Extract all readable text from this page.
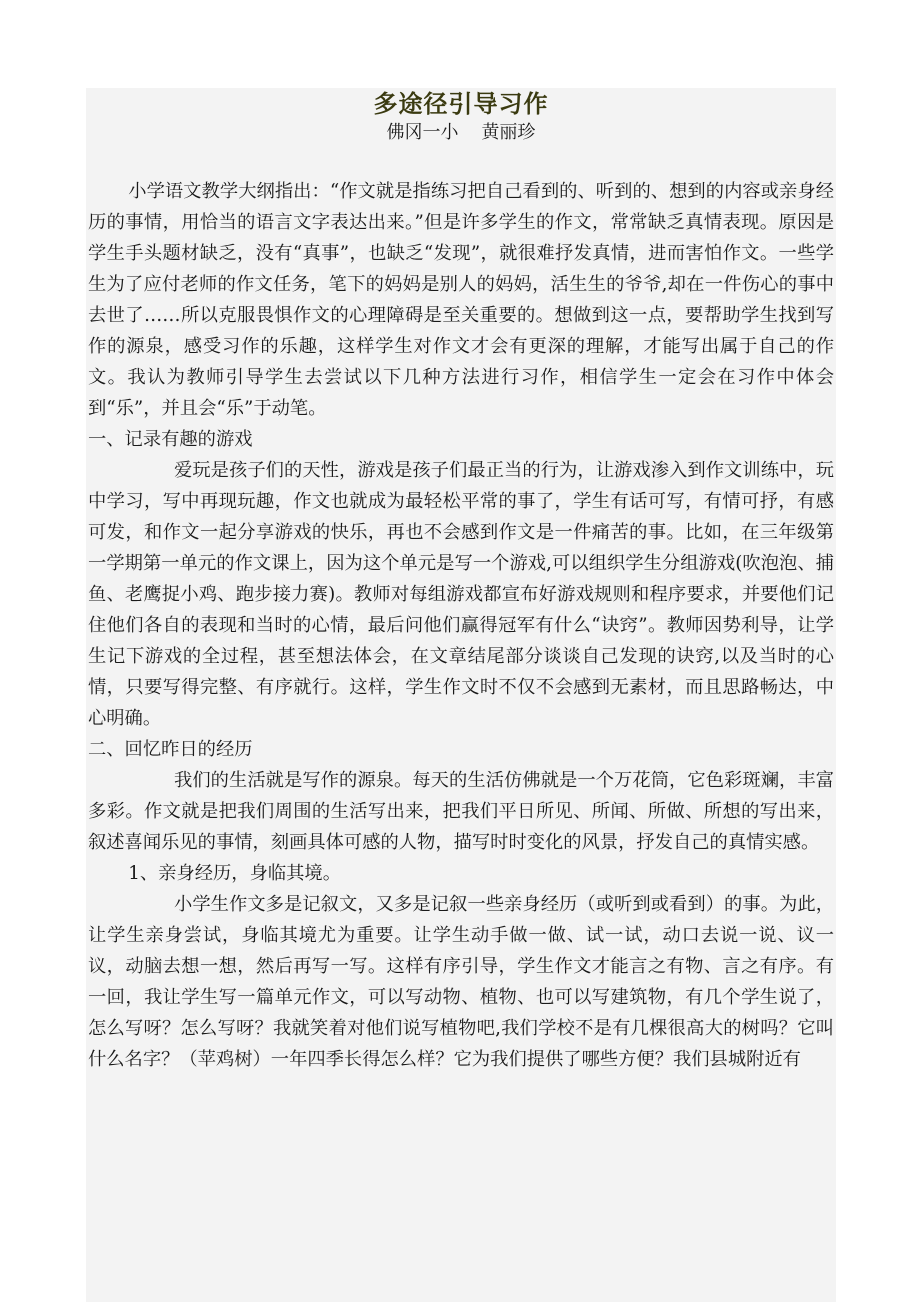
多途径引导习作
佛冈一小    黄丽珍

小学语文教学大纲指出：“作文就是指练习把自己看到的、听到的、想到的内容或亲身经历的事情，用恰当的语言文字表达出来。”但是许多学生的作文，常常缺乏真情表现。原因是学生手头题材缺乏，没有“真事”，也缺乏“发现”，就很难抒发真情，进而害怕作文。一些学生为了应付老师的作文任务，笔下的妈妈是别人的妈妈，活生生的爷爷,却在一件伤心的事中去世了……所以克服畏惧作文的心理障碍是至关重要的。想做到这一点，要帮助学生找到写作的源泉，感受习作的乐趣，这样学生对作文才会有更深的理解，才能写出属于自己的作文。我认为教师引导学生去尝试以下几种方法进行习作，相信学生一定会在习作中体会到“乐”，并且会“乐”于动笔。

一、记录有趣的游戏

爱玩是孩子们的天性，游戏是孩子们最正当的行为，让游戏渗入到作文训练中，玩中学习，写中再现玩趣，作文也就成为最轻松平常的事了，学生有话可写，有情可抒，有感可发，和作文一起分享游戏的快乐，再也不会感到作文是一件痛苦的事。比如，在三年级第一学期第一单元的作文课上，因为这个单元是写一个游戏,可以组织学生分组游戏(吹泡泡、捕鱼、老鹰捉小鸡、跑步接力赛)。教师对每组游戏都宣布好游戏规则和程序要求，并要他们记住他们各自的表现和当时的心情，最后问他们赢得冠军有什么“诀窍”。教师因势利导，让学生记下游戏的全过程，甚至想法体会，在文章结尾部分谈谈自己发现的诀窍,以及当时的心情，只要写得完整、有序就行。这样，学生作文时不仅不会感到无素材，而且思路畅达，中心明确。

二、回忆昨日的经历

我们的生活就是写作的源泉。每天的生活仿佛就是一个万花筒，它色彩斑斓，丰富多彩。作文就是把我们周围的生活写出来，把我们平日所见、所闻、所做、所想的写出来，叙述喜闻乐见的事情，刻画具体可感的人物，描写时时变化的风景，抒发自己的真情实感。

1、亲身经历，身临其境。

小学生作文多是记叙文，又多是记叙一些亲身经历（或听到或看到）的事。为此，让学生亲身尝试，身临其境尤为重要。让学生动手做一做、试一试，动口去说一说、议一议，动脑去想一想，然后再写一写。这样有序引导，学生作文才能言之有物、言之有序。有一回，我让学生写一篇单元作文，可以写动物、植物、也可以写建筑物，有几个学生说了，怎么写呀？怎么写呀？我就笑着对他们说写植物吧,我们学校不是有几棵很高大的树吗？它叫什么名字？（苹鸡树）一年四季长得怎么样？它为我们提供了哪些方便？我们县城附近有
